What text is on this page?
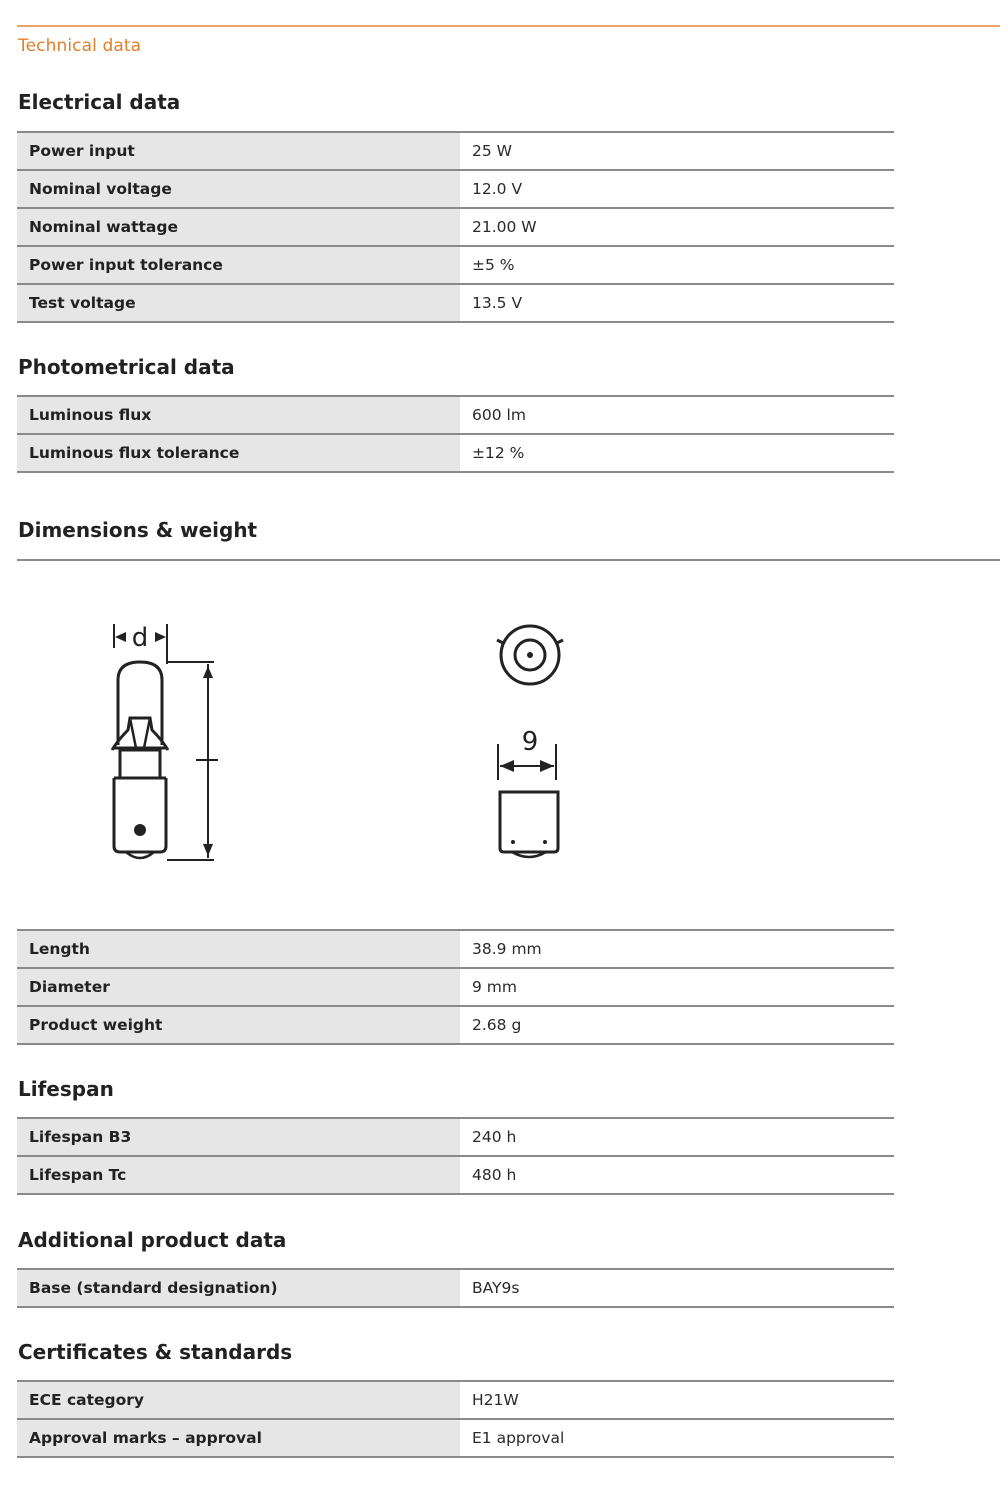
Technical data
Electrical data
Power input	25 W
Nominal voltage	12.0 V
Nominal wattage	21.00 W
Power input tolerance	±5 %
Test voltage	13.5 V
Photometrical data
Luminous flux	600 lm
Luminous flux tolerance	±12 %
Dimensions & weight
d
9
Length	38.9 mm
Diameter	9 mm
Product weight	2.68 g
Lifespan
Lifespan B3	240 h
Lifespan Tc	480 h
Additional product data
Base (standard designation)	BAY9s
Certificates & standards
ECE category	H21W
Approval marks – approval	E1 approval
